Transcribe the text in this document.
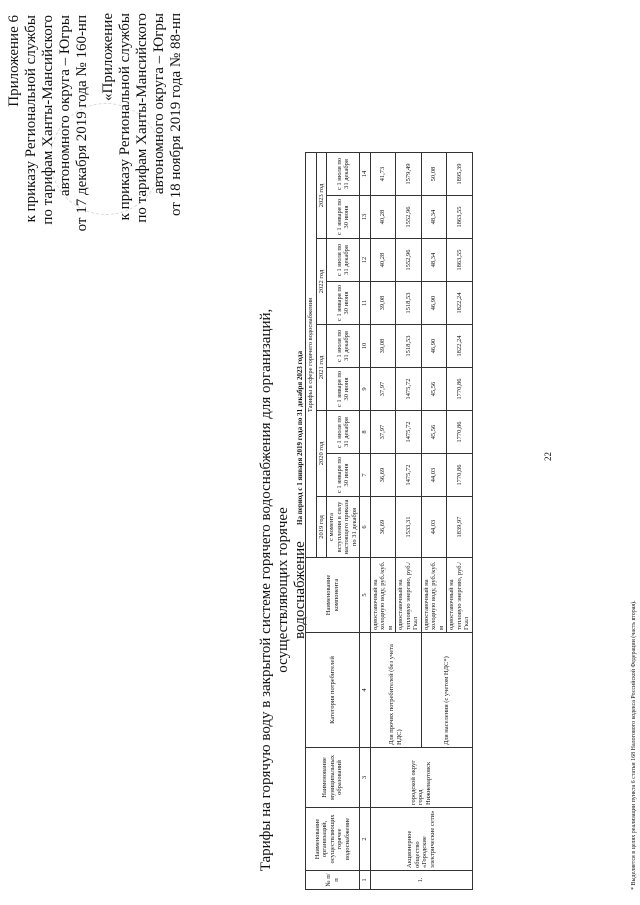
22
Приложение 6 к приказу Региональной службы по тарифам Ханты-Мансийского автономного округа – Югры от 17 декабря 2019 года № 160-нп «Приложение к приказу Региональной службы по тарифам Ханты-Мансийского автономного округа – Югры от 18 ноября 2019 года № 88-нп
Тарифы на горячую воду в закрытой системе горячего водоснабжения для организаций, осуществляющих горячее водоснабжение
На период с 1 января 2019 года по 31 декабря 2023 года
№ п/п	Наименование организаций, осуществляющих горячее водоснабжение	Наименование муниципальных образований	Категория потребителей	Наименование компонента	Тарифы в сфере горячего водоснабжения								
					2019 год	2020 год		2021 год		2022 год		2023 год	
					с момента вступления в силу настоящего приказа по 31 декабря	с 1 января по 30 июня	с 1 июля по 31 декабря	с 1 января по 30 июня	с 1 июля по 31 декабря	с 1 января по 30 июня	с 1 июля по 31 декабря	с 1 января по 30 июня	с 1 июля по 31 декабря
1	2	3	4	5	6	7	8	9	10	11	12	13	14
1.	Акционерное общество «Городские электрические сети»	городской округ город Нижневартовск	Для прочих потребителей (без учета НДС)	одноставочный на холодную воду, руб./куб. м	36,69	36,69	37,97	37,97	39,08	39,08	40,28	40,28	41,73
				одноставочный на тепловую энергию, руб./Гкал	1533,31	1475,72	1475,72	1475,72	1518,53	1518,53	1552,96	1552,96	1579,49
			Для населения (с учетом НДС*)	одноставочный на холодную воду, руб./куб. м	44,03	44,03	45,56	45,56	46,90	46,90	48,34	48,34	50,08
				одноставочный на тепловую энергию, руб./Гкал	1839,97	1770,86	1770,86	1770,86	1822,24	1822,24	1863,55	1863,55	1895,39
* Выделяется в целях реализации пункта 6 статьи 168 Налогового кодекса Российской Федерации (часть вторая).
